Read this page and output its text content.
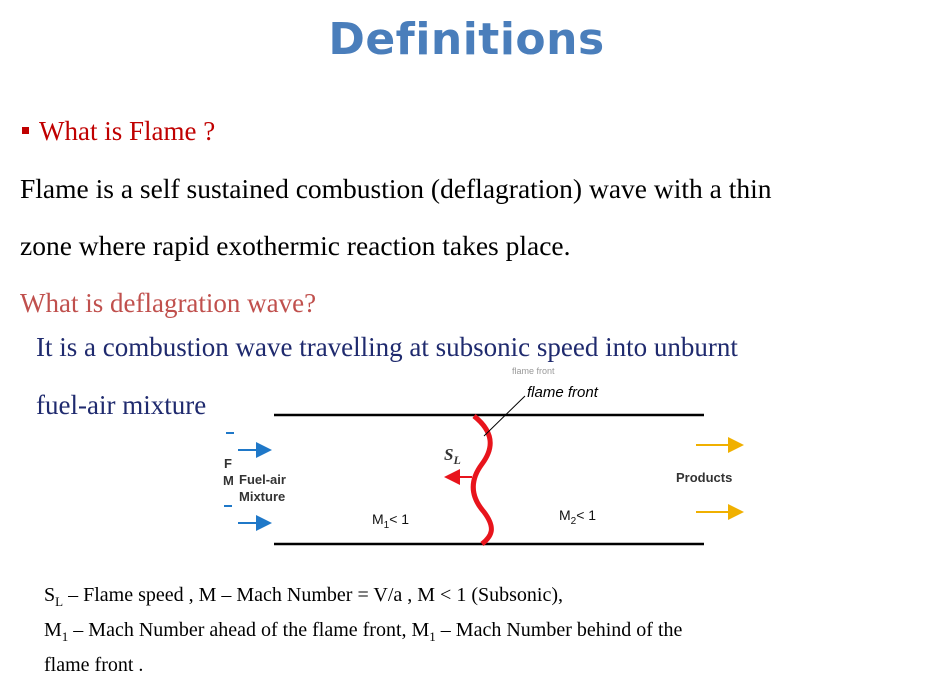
Definitions
What is Flame ?
Flame is a self sustained combustion (deflagration) wave with a thin
zone where rapid exothermic reaction takes place.
What is deflagration wave?
It is a combustion wave travelling at subsonic speed into unburnt
fuel-air mixture	flame front
flame front
$S_L$
F
M Fuel-air
Mixture
$M_1< 1$	$M_2< 1$
Products
$S_L$ – Flame speed , M – Mach Number = V/a , M < 1 (Subsonic),
$M_1$ – Mach Number ahead of the flame front, $M_1$ – Mach Number behind of the
flame front .
